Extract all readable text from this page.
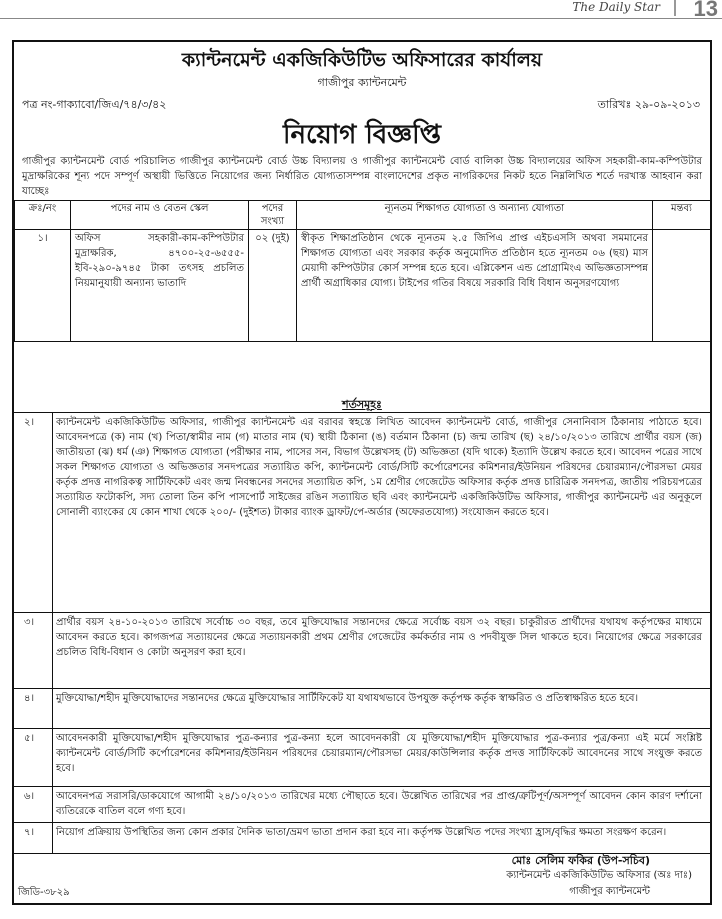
The Daily Star 13
ক্যান্টনমেন্ট একজিকিউটিভ অফিসারের কার্যালয়
গাজীপুর ক্যান্টনমেন্ট
পত্র নং-গাক্যাবো/জিএ/৭৪/৩/৪২	তারিখঃ ২৯-০৯-২০১৩
নিয়োগ বিজ্ঞপ্তি
গাজীপুর ক্যান্টনমেন্ট বোর্ড পরিচালিত গাজীপুর ক্যান্টনমেন্ট বোর্ড উচ্চ বিদ্যালয় ও গাজীপুর ক্যান্টনমেন্ট বোর্ড বালিকা উচ্চ বিদ্যালয়ের অফিস সহকারী-কাম-কম্পিউটার মুদ্রাক্ষরিকের শূন্য পদে সম্পূর্ণ অস্থায়ী ভিত্তিতে নিয়োগের জন্য নির্ধারিত যোগ্যতাসম্পন্ন বাংলাদেশের প্রকৃত নাগরিকদের নিকট হতে নিম্নলিখিত শর্তে দরখাস্ত আহবান করা যাচ্ছেঃ
ক্রঃ/নং	পদের নাম ও বেতন স্কেল	পদের সংখ্যা	ন্যূনতম শিক্ষাগত যোগ্যতা ও অন্যান্য যোগ্যতা	মন্তব্য
১।	অফিস সহকারী-কাম-কম্পিউটার মুদ্রাক্ষরিক, ৪৭০০-২৫-৬৫৫৫-ইবি-২৯০-৯৭৪৫ টাকা তৎসহ প্রচলিত নিয়মানুযায়ী অন্যান্য ভাতাদি	০২ (দুই)	স্বীকৃত শিক্ষাপ্রতিষ্ঠান থেকে ন্যূনতম ২.৫ জিপিএ প্রাপ্ত এইচএসসি অথবা সমমানের শিক্ষাগত যোগ্যতা এবং সরকার কর্তৃক অনুমোদিত প্রতিষ্ঠান হতে ন্যূনতম ০৬ (ছয়) মাস মেয়াদী কম্পিউটার কোর্স সম্পন্ন হতে হবে। এপ্লিকেশন এন্ড প্রোগ্রামিংএ অভিজ্ঞতাসম্পন্ন প্রার্থী অগ্রাধিকার যোগ্য। টাইপের গতির বিষয়ে সরকারি বিধি বিধান অনুসরণযোগ্য	
শর্তসমূহঃ
২।	ক্যান্টনমেন্ট একজিকিউটিভ অফিসার, গাজীপুর ক্যান্টনমেন্ট এর বরাবর স্বহস্তে লিখিত আবেদন ক্যান্টনমেন্ট বোর্ড, গাজীপুর সেনানিবাস ঠিকানায় পাঠাতে হবে। আবেদনপত্রে (ক) নাম (খ) পিতা/স্বামীর নাম (গ) মাতার নাম (ঘ) স্থায়ী ঠিকানা (ঙ) বর্তমান ঠিকানা (চ) জন্ম তারিখ (ছ) ২৪/১০/২০১৩ তারিখে প্রার্থীর বয়স (জ) জাতীয়তা (ঝ) ধর্ম (ঞ) শিক্ষাগত যোগ্যতা (পরীক্ষার নাম, পাসের সন, বিভাগ উল্লেখসহ (ট) অভিজ্ঞতা (যদি থাকে) ইত্যাদি উল্লেখ করতে হবে। আবেদন পত্রের সাথে সকল শিক্ষাগত যোগ্যতা ও অভিজ্ঞতার সনদপত্রের সত্যায়িত কপি, ক্যান্টনমেন্ট বোর্ড/সিটি কর্পোরেশনের কমিশনার/ইউনিয়ন পরিষদের চেয়ারম্যান/পৌরসভা মেয়র কর্তৃক প্রদত্ত নাগরিকত্ব সার্টিফিকেট এবং জন্ম নিবন্ধনের সনদের সত্যায়িত কপি, ১ম শ্রেণীর গেজেটেড অফিসার কর্তৃক প্রদত্ত চারিত্রিক সনদপত্র, জাতীয় পরিচয়পত্রের সত্যায়িত ফটোকপি, সদ্য তোলা তিন কপি পাসপোর্ট সাইজের রঙিন সত্যায়িত ছবি এবং ক্যান্টনমেন্ট একজিকিউটিভ অফিসার, গাজীপুর ক্যান্টনমেন্ট এর অনুকূলে সোনালী ব্যাংকের যে কোন শাখা থেকে ২০০/- (দুইশত) টাকার ব্যাংক ড্রাফট/পে-অর্ডার (অফেরতযোগ্য) সংযোজন করতে হবে।
৩।	প্রার্থীর বয়স ২৪-১০-২০১৩ তারিখে সর্বোচ্চ ৩০ বছর, তবে মুক্তিযোদ্ধার সন্তানদের ক্ষেত্রে সর্বোচ্চ বয়স ৩২ বছর। চাকুরীরত প্রার্থীদের যথাযথ কর্তৃপক্ষের মাধ্যমে আবেদন করতে হবে। কাগজপত্র সত্যায়নের ক্ষেত্রে সত্যায়নকারী প্রথম শ্রেণীর গেজেটের কর্মকর্তার নাম ও পদবীযুক্ত সিল থাকতে হবে। নিয়োগের ক্ষেত্রে সরকারের প্রচলিত বিধি-বিধান ও কোটা অনুসরণ করা হবে।
৪।	মুক্তিযোদ্ধা/শহীদ মুক্তিযোদ্ধাদের সন্তানদের ক্ষেত্রে মুক্তিযোদ্ধার সার্টিফিকেট যা যথাযথভাবে উপযুক্ত কর্তৃপক্ষ কর্তৃক স্বাক্ষরিত ও প্রতিস্বাক্ষরিত হতে হবে।
৫।	আবেদনকারী মুক্তিযোদ্ধা/শহীদ মুক্তিযোদ্ধার পুত্র-কন্যার পুত্র-কন্যা হলে আবেদনকারী যে মুক্তিযোদ্ধা/শহীদ মুক্তিযোদ্ধার পুত্র-কন্যার পুত্র/কন্যা এই মর্মে সংশ্লিষ্ট ক্যান্টনমেন্ট বোর্ড/সিটি কর্পোরেশনের কমিশনার/ইউনিয়ন পরিষদের চেয়ারম্যান/পৌরসভা মেয়র/কাউন্সিলার কর্তৃক প্রদত্ত সার্টিফিকেট আবেদনের সাথে সংযুক্ত করতে হবে।
৬।	আবেদনপত্র সরাসরি/ডাকযোগে আগামী ২৪/১০/২০১৩ তারিখের মধ্যে পৌছাতে হবে। উল্লেখিত তারিখের পর প্রাপ্ত/ত্রুটিপূর্ণ/অসম্পূর্ণ আবেদন কোন কারণ দর্শানো ব্যতিরেকে বাতিল বলে গণ্য হবে।
৭।	নিয়োগ প্রক্রিয়ায় উপস্থিতির জন্য কোন প্রকার দৈনিক ভাতা/ভ্রমণ ভাতা প্রদান করা হবে না। কর্তৃপক্ষ উল্লেখিত পদের সংখ্যা হ্রাস/বৃদ্ধির ক্ষমতা সংরক্ষণ করেন।
মোঃ সেলিম ফকির (উপ-সচিব)
ক্যান্টনমেন্ট একজিকিউটিভ অফিসার (অঃ দাঃ)
গাজীপুর ক্যান্টনমেন্ট
জিডি-৩৮২৯
